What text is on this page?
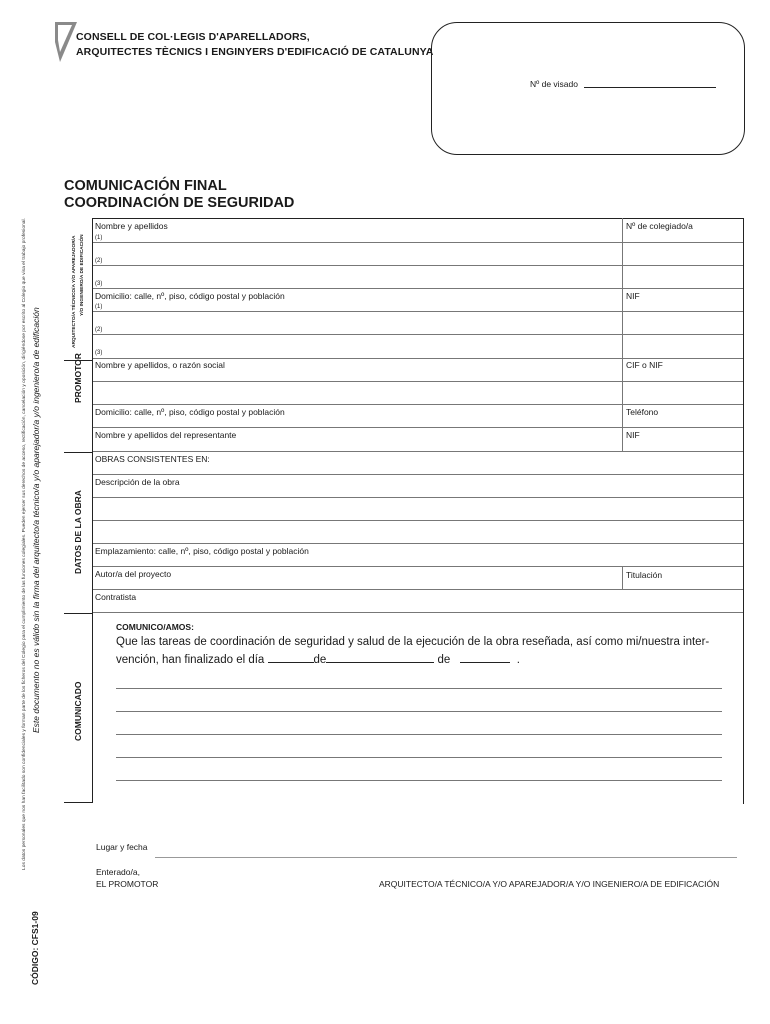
CONSELL DE COL·LEGIS D'APARELLADORS,
ARQUITECTES TÈCNICS I ENGINYERS D'EDIFICACIÓ DE CATALUNYA
Nº de visado
COMUNICACIÓN FINAL
COORDINACIÓN DE SEGURIDAD
Los datos personales que nos han facilitado son confidenciales y forman parte de los ficheros del Colegio para el cumplimiento de las funciones colegiales. Pueden ejercer sus derechos de acceso, rectificación, cancelación y oposición, dirigiéndose por escrito al Colegio que visa el trabajo profesional. Este documento no es válido sin la firma del arquitecto/a técnico/a y/o aparejador/a y/o ingeniero/a de edificación
CÓDIGO: CFS1-09
ARQUITECTO/A TÉCNICO/A Y/O APAREJADOR/A Y/O INGENIERO/A DE EDIFICACIÓN
PROMOTOR
DATOS DE LA OBRA
COMUNICADO
Nombre y apellidos	Nº de colegiado/a
(1)
(2)
(3)
Domicilio: calle, nº, piso, código postal y población	NIF
(1)
(2)
(3)
Nombre y apellidos, o razón social	CIF o NIF
Domicilio: calle, nº, piso, código postal y población	Teléfono
Nombre y apellidos del representante	NIF
OBRAS CONSISTENTES EN:
Descripción de la obra
Emplazamiento: calle, nº, piso, código postal y población
Autor/a del proyecto	Titulación
Contratista
COMUNICO/AMOS:
Que las tareas de coordinación de seguridad y salud de la ejecución de la obra reseñada, así como mi/nuestra inter-
vención, han finalizado el día	de	de	.
Lugar y fecha
Enterado/a,
EL PROMOTOR	ARQUITECTO/A TÉCNICO/A Y/O APAREJADOR/A Y/O INGENIERO/A DE EDIFICACIÓN
